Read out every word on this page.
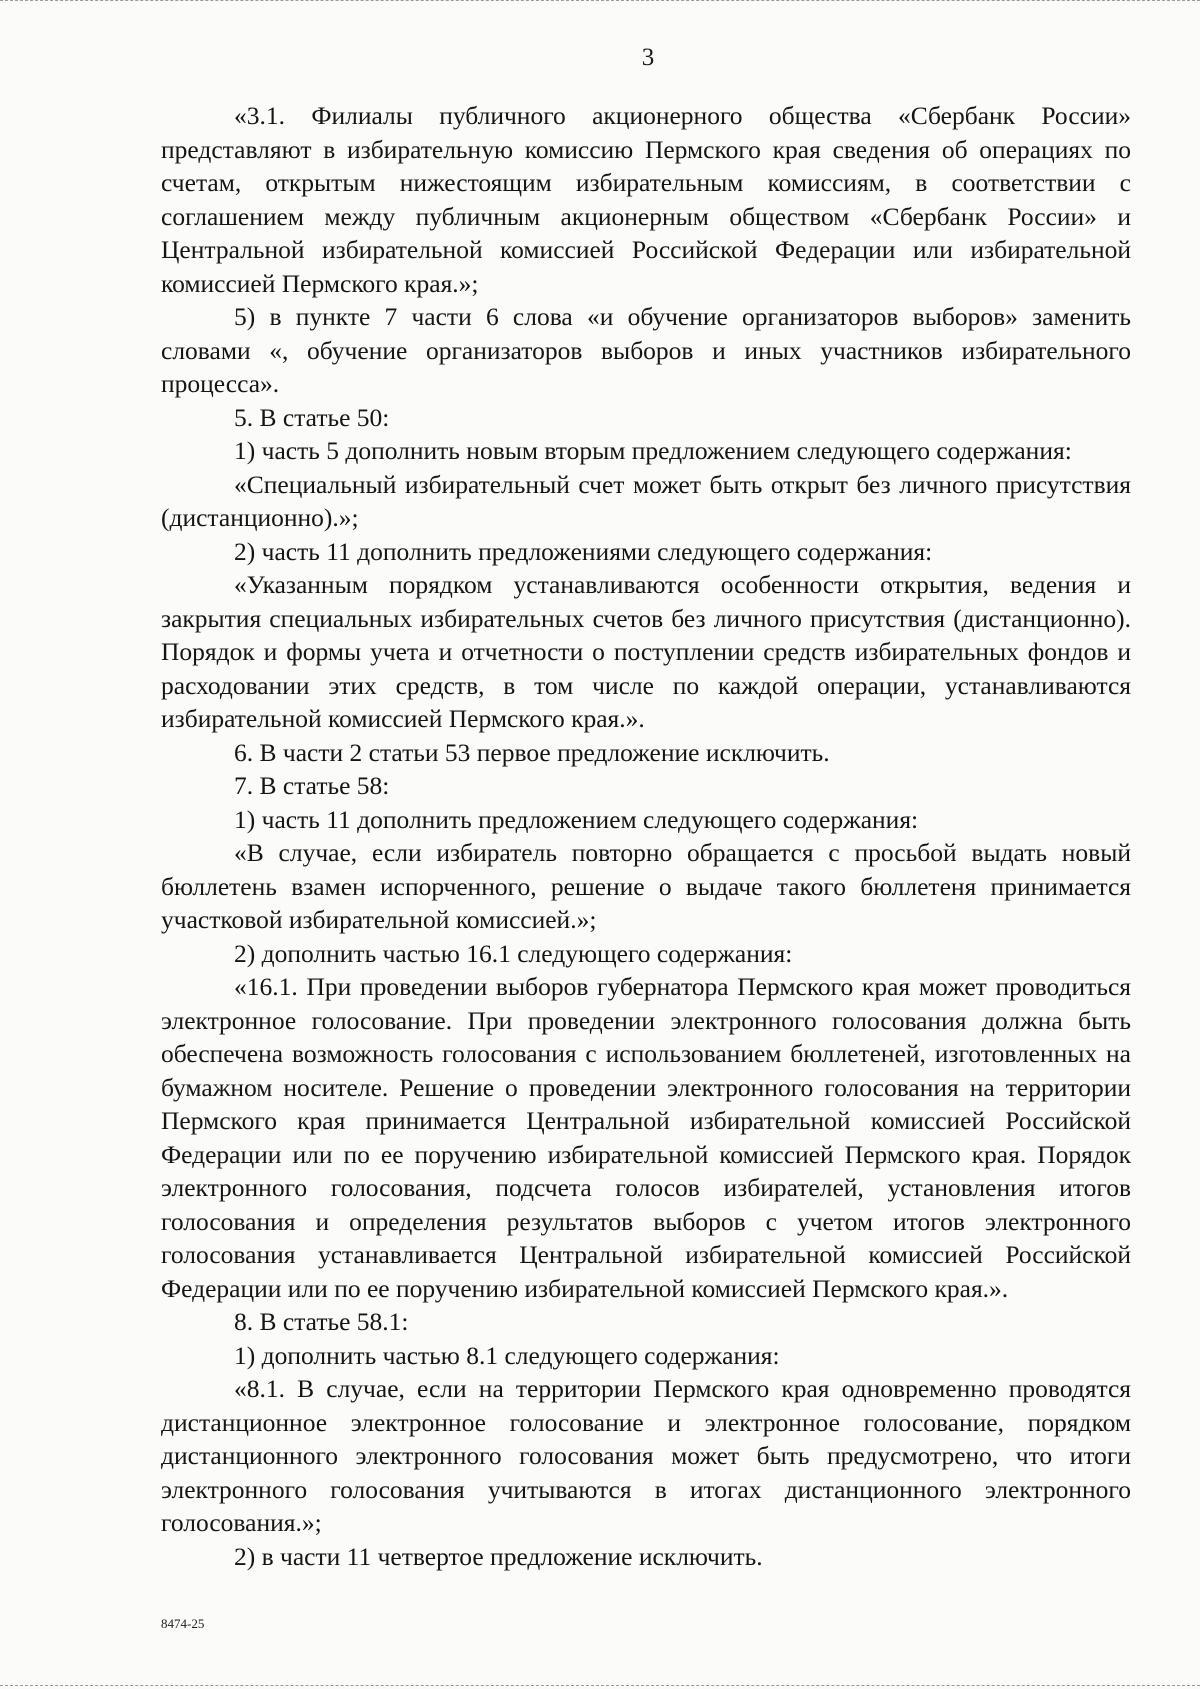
3

«3.1. Филиалы публичного акционерного общества «Сбербанк России» представляют в избирательную комиссию Пермского края сведения об операциях по счетам, открытым нижестоящим избирательным комиссиям, в соответствии с соглашением между публичным акционерным обществом «Сбербанк России» и Центральной избирательной комиссией Российской Федерации или избирательной комиссией Пермского края.»;

5) в пункте 7 части 6 слова «и обучение организаторов выборов» заменить словами «, обучение организаторов выборов и иных участников избирательного процесса».

5. В статье 50:

1) часть 5 дополнить новым вторым предложением следующего содержания:

«Специальный избирательный счет может быть открыт без личного присутствия (дистанционно).»;

2) часть 11 дополнить предложениями следующего содержания:

«Указанным порядком устанавливаются особенности открытия, ведения и закрытия специальных избирательных счетов без личного присутствия (дистанционно). Порядок и формы учета и отчетности о поступлении средств избирательных фондов и расходовании этих средств, в том числе по каждой операции, устанавливаются избирательной комиссией Пермского края.».

6. В части 2 статьи 53 первое предложение исключить.

7. В статье 58:

1) часть 11 дополнить предложением следующего содержания:

«В случае, если избиратель повторно обращается с просьбой выдать новый бюллетень взамен испорченного, решение о выдаче такого бюллетеня принимается участковой избирательной комиссией.»;

2) дополнить частью 16.1 следующего содержания:

«16.1. При проведении выборов губернатора Пермского края может проводиться электронное голосование. При проведении электронного голосования должна быть обеспечена возможность голосования с использованием бюллетеней, изготовленных на бумажном носителе. Решение о проведении электронного голосования на территории Пермского края принимается Центральной избирательной комиссией Российской Федерации или по ее поручению избирательной комиссией Пермского края. Порядок электронного голосования, подсчета голосов избирателей, установления итогов голосования и определения результатов выборов с учетом итогов электронного голосования устанавливается Центральной избирательной комиссией Российской Федерации или по ее поручению избирательной комиссией Пермского края.».

8. В статье 58.1:

1) дополнить частью 8.1 следующего содержания:

«8.1. В случае, если на территории Пермского края одновременно проводятся дистанционное электронное голосование и электронное голосование, порядком дистанционного электронного голосования может быть предусмотрено, что итоги электронного голосования учитываются в итогах дистанционного электронного голосования.»;

2) в части 11 четвертое предложение исключить.

8474-25
